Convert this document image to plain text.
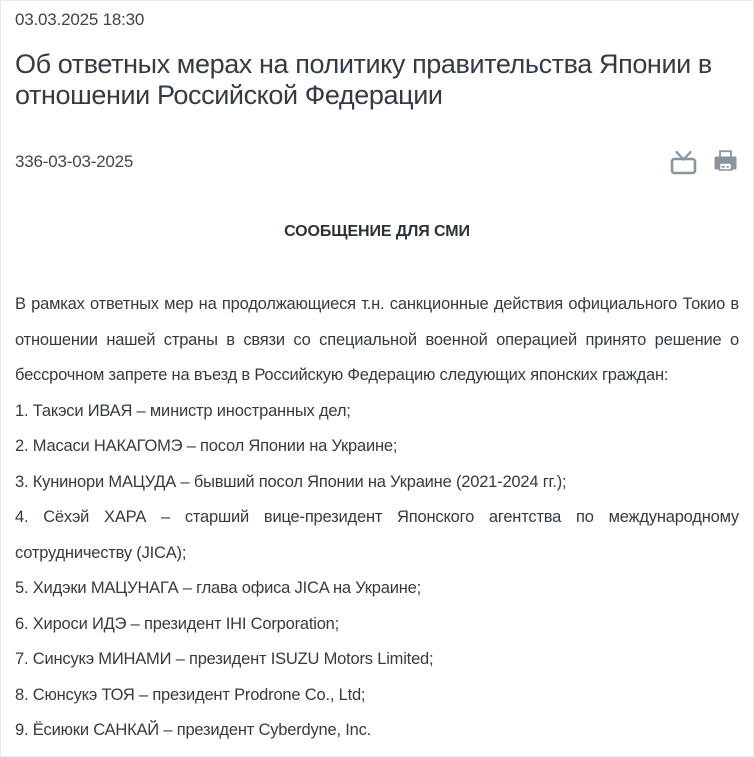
03.03.2025 18:30
Об ответных мерах на политику правительства Японии в отношении Российской Федерации
336-03-03-2025
СООБЩЕНИЕ ДЛЯ СМИ

В рамках ответных мер на продолжающиеся т.н. санкционные действия официального Токио в отношении нашей страны в связи со специальной военной операцией принято решение о бессрочном запрете на въезд в Российскую Федерацию следующих японских граждан:

1. Такэси ИВАЯ – министр иностранных дел;

2. Масаси НАКАГОМЭ – посол Японии на Украине;

3. Кунинори МАЦУДА – бывший посол Японии на Украине (2021-2024 гг.);

4. Сёхэй ХАРА – старший вице-президент Японского агентства по международному сотрудничеству (JICA);

5. Хидэки МАЦУНАГА – глава офиса JICA на Украине;

6. Хироси ИДЭ – президент IHI Corporation;

7. Синсукэ МИНАМИ – президент ISUZU Motors Limited;

8. Сюнсукэ ТОЯ – президент Prodrone Co., Ltd;

9. Ёсиюки САНКАЙ – президент Cyberdyne, Inc.
